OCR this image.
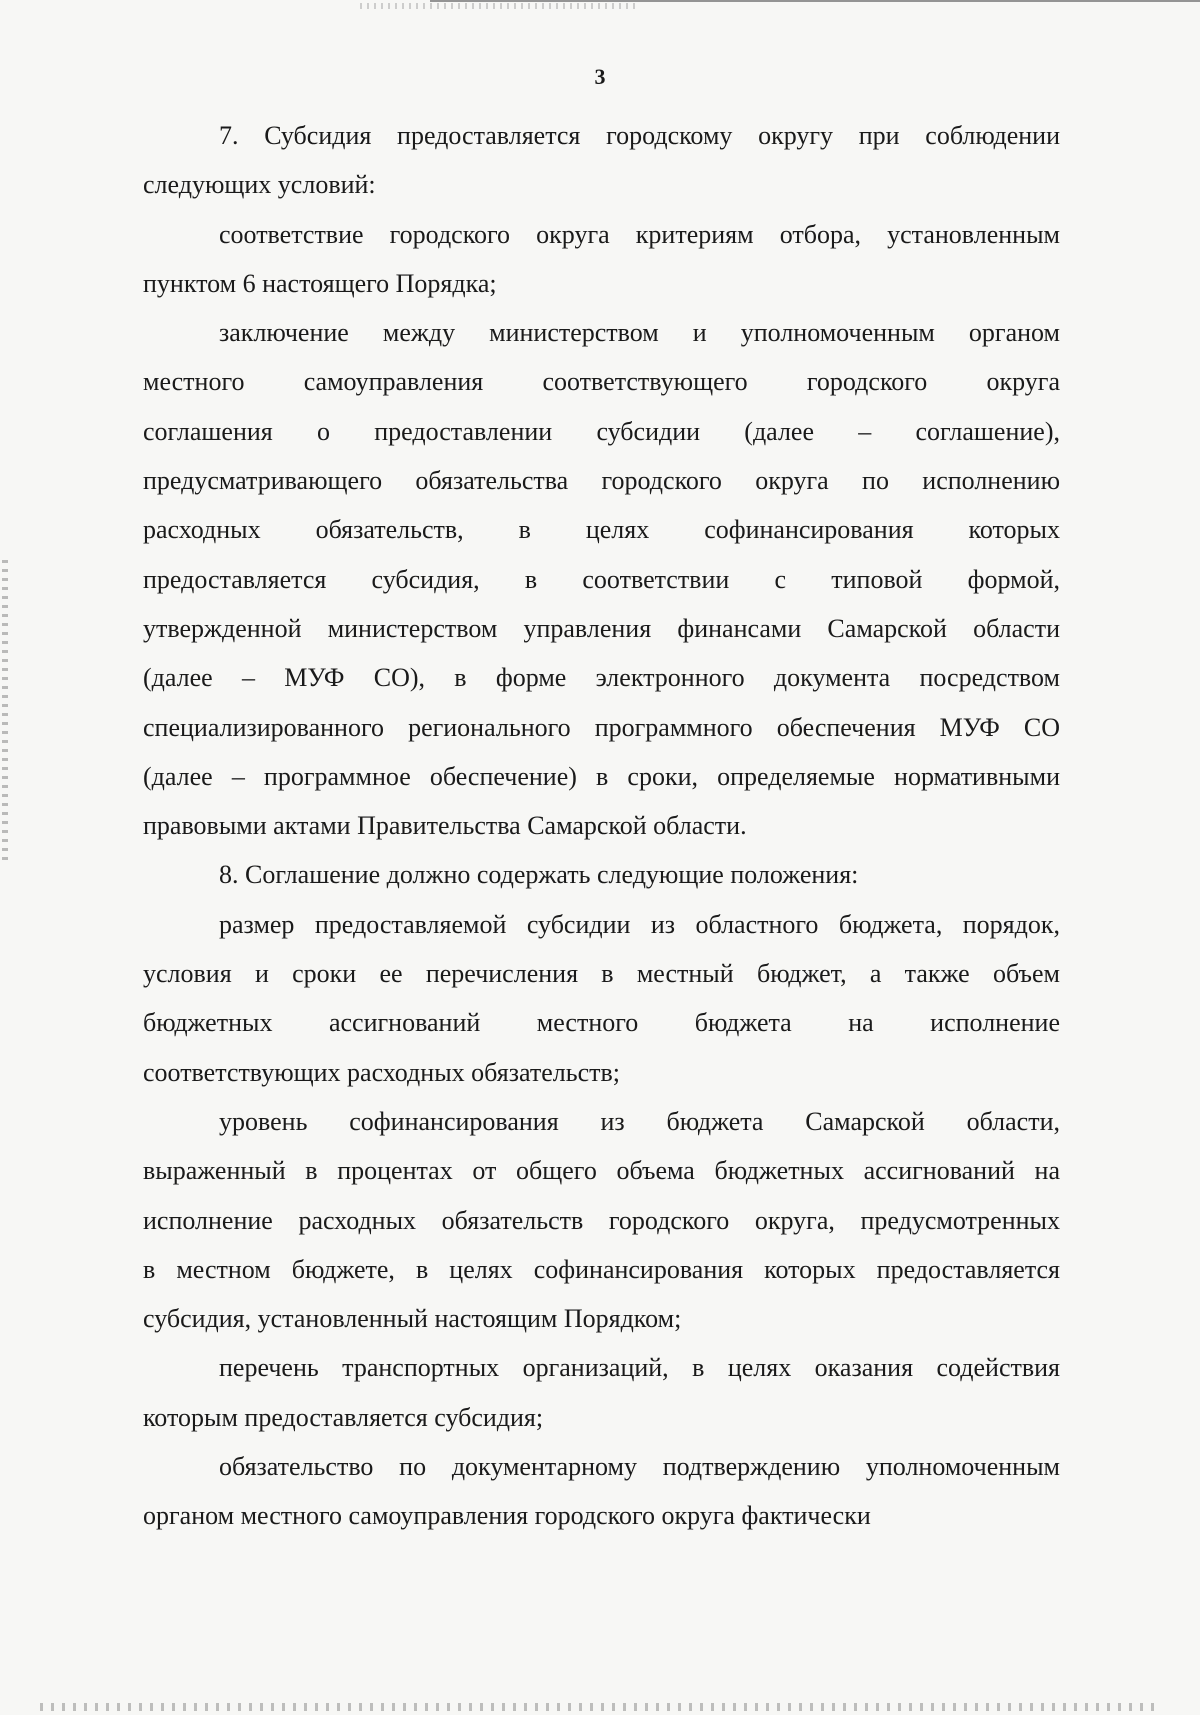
3
7. Субсидия предоставляется городскому округу при соблюдении
следующих условий:
соответствие городского округа критериям отбора, установленным
пунктом 6 настоящего Порядка;
заключение между министерством и уполномоченным органом
местного самоуправления соответствующего городского округа
соглашения о предоставлении субсидии (далее – соглашение),
предусматривающего обязательства городского округа по исполнению
расходных обязательств, в целях софинансирования которых
предоставляется субсидия, в соответствии с типовой формой,
утвержденной министерством управления финансами Самарской области
(далее – МУФ СО), в форме электронного документа посредством
специализированного регионального программного обеспечения МУФ СО
(далее – программное обеспечение) в сроки, определяемые нормативными
правовыми актами Правительства Самарской области.
8. Соглашение должно содержать следующие положения:
размер предоставляемой субсидии из областного бюджета, порядок,
условия и сроки ее перечисления в местный бюджет, а также объем
бюджетных ассигнований местного бюджета на исполнение
соответствующих расходных обязательств;
уровень софинансирования из бюджета Самарской области,
выраженный в процентах от общего объема бюджетных ассигнований на
исполнение расходных обязательств городского округа, предусмотренных
в местном бюджете, в целях софинансирования которых предоставляется
субсидия, установленный настоящим Порядком;
перечень транспортных организаций, в целях оказания содействия
которым предоставляется субсидия;
обязательство по документарному подтверждению уполномоченным
органом местного самоуправления городского округа фактически
